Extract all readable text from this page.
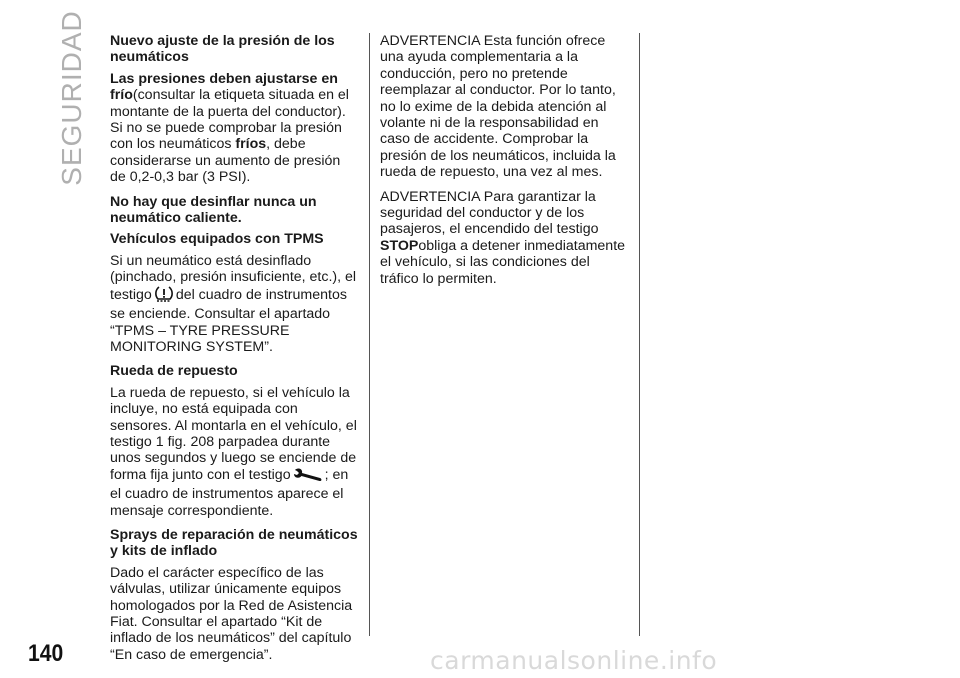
SEGURIDAD Nuevo ajuste de la presión de los neumáticos

Las presiones deben ajustarse en frío(consultar la etiqueta situada en el montante de la puerta del conductor). Si no se puede comprobar la presión con los neumáticos fríos, debe considerarse un aumento de presión de 0,2-0,3 bar (3 PSI).

No hay que desinflar nunca un neumático caliente.
Vehículos equipados con TPMS

Si un neumático está desinflado (pinchado, presión insuficiente, etc.), el testigo del cuadro de instrumentos se enciende. Consultar el apartado “TPMS – TYRE PRESSURE MONITORING SYSTEM”.

Rueda de repuesto

La rueda de repuesto, si el vehículo la incluye, no está equipada con sensores. Al montarla en el vehículo, el testigo 1 fig. 208 parpadea durante unos segundos y luego se enciende de forma fija junto con el testigo ; en el cuadro de instrumentos aparece el mensaje correspondiente.

Sprays de reparación de neumáticos y kits de inflado

Dado el carácter específico de las válvulas, utilizar únicamente equipos homologados por la Red de Asistencia Fiat. Consultar el apartado “Kit de inflado de los neumáticos” del capítulo “En caso de emergencia”.

ADVERTENCIA Esta función ofrece una ayuda complementaria a la conducción, pero no pretende reemplazar al conductor. Por lo tanto, no lo exime de la debida atención al volante ni de la responsabilidad en caso de accidente. Comprobar la presión de los neumáticos, incluida la rueda de repuesto, una vez al mes.

ADVERTENCIA Para garantizar la seguridad del conductor y de los pasajeros, el encendido del testigo STOPobliga a detener inmediatamente el vehículo, si las condiciones del tráfico lo permiten.

140	carmanualsonline.info
